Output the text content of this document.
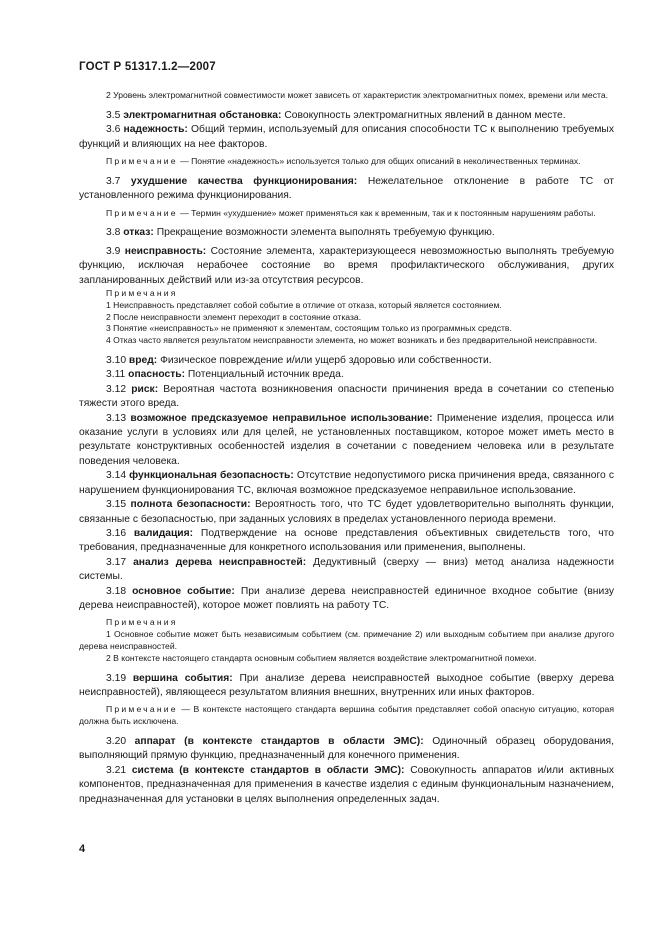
ГОСТ Р 51317.1.2—2007

2 Уровень электромагнитной совместимости может зависеть от характеристик электромагнитных помех, времени или места.

3.5 электромагнитная обстановка: Совокупность электромагнитных явлений в данном месте.

3.6 надежность: Общий термин, используемый для описания способности ТС к выполнению требуемых функций и влияющих на нее факторов.

Примечание — Понятие «надежность» используется только для общих описаний в неколичественных терминах.

3.7 ухудшение качества функционирования: Нежелательное отклонение в работе ТС от установленного режима функционирования.

Примечание — Термин «ухудшение» может применяться как к временным, так и к постоянным нарушениям работы.

3.8 отказ: Прекращение возможности элемента выполнять требуемую функцию.

3.9 неисправность: Состояние элемента, характеризующееся невозможностью выполнять требуемую функцию, исключая нерабочее состояние во время профилактического обслуживания, других запланированных действий или из-за отсутствия ресурсов.

Примечания

1 Неисправность представляет собой событие в отличие от отказа, который является состоянием.

2 После неисправности элемент переходит в состояние отказа.

3 Понятие «неисправность» не применяют к элементам, состоящим только из программных средств.

4 Отказ часто является результатом неисправности элемента, но может возникать и без предварительной неисправности.

3.10 вред: Физическое повреждение и/или ущерб здоровью или собственности.

3.11 опасность: Потенциальный источник вреда.

3.12 риск: Вероятная частота возникновения опасности причинения вреда в сочетании со степенью тяжести этого вреда.

3.13 возможное предсказуемое неправильное использование: Применение изделия, процесса или оказание услуги в условиях или для целей, не установленных поставщиком, которое может иметь место в результате конструктивных особенностей изделия в сочетании с поведением человека или в результате поведения человека.

3.14 функциональная безопасность: Отсутствие недопустимого риска причинения вреда, связанного с нарушением функционирования ТС, включая возможное предсказуемое неправильное использование.

3.15 полнота безопасности: Вероятность того, что ТС будет удовлетворительно выполнять функции, связанные с безопасностью, при заданных условиях в пределах установленного периода времени.

3.16 валидация: Подтверждение на основе представления объективных свидетельств того, что требования, предназначенные для конкретного использования или применения, выполнены.

3.17 анализ дерева неисправностей: Дедуктивный (сверху — вниз) метод анализа надежности системы.

3.18 основное событие: При анализе дерева неисправностей единичное входное событие (внизу дерева неисправностей), которое может повлиять на работу ТС.

Примечания

1 Основное событие может быть независимым событием (см. примечание 2) или выходным событием при анализе другого дерева неисправностей.

2 В контексте настоящего стандарта основным событием является воздействие электромагнитной помехи.

3.19 вершина события: При анализе дерева неисправностей выходное событие (вверху дерева неисправностей), являющееся результатом влияния внешних, внутренних или иных факторов.

Примечание — В контексте настоящего стандарта вершина события представляет собой опасную ситуацию, которая должна быть исключена.

3.20 аппарат (в контексте стандартов в области ЭМС): Одиночный образец оборудования, выполняющий прямую функцию, предназначенный для конечного применения.

3.21 система (в контексте стандартов в области ЭМС): Совокупность аппаратов и/или активных компонентов, предназначенная для применения в качестве изделия с единым функциональным назначением, предназначенная для установки в целях выполнения определенных задач.

4
